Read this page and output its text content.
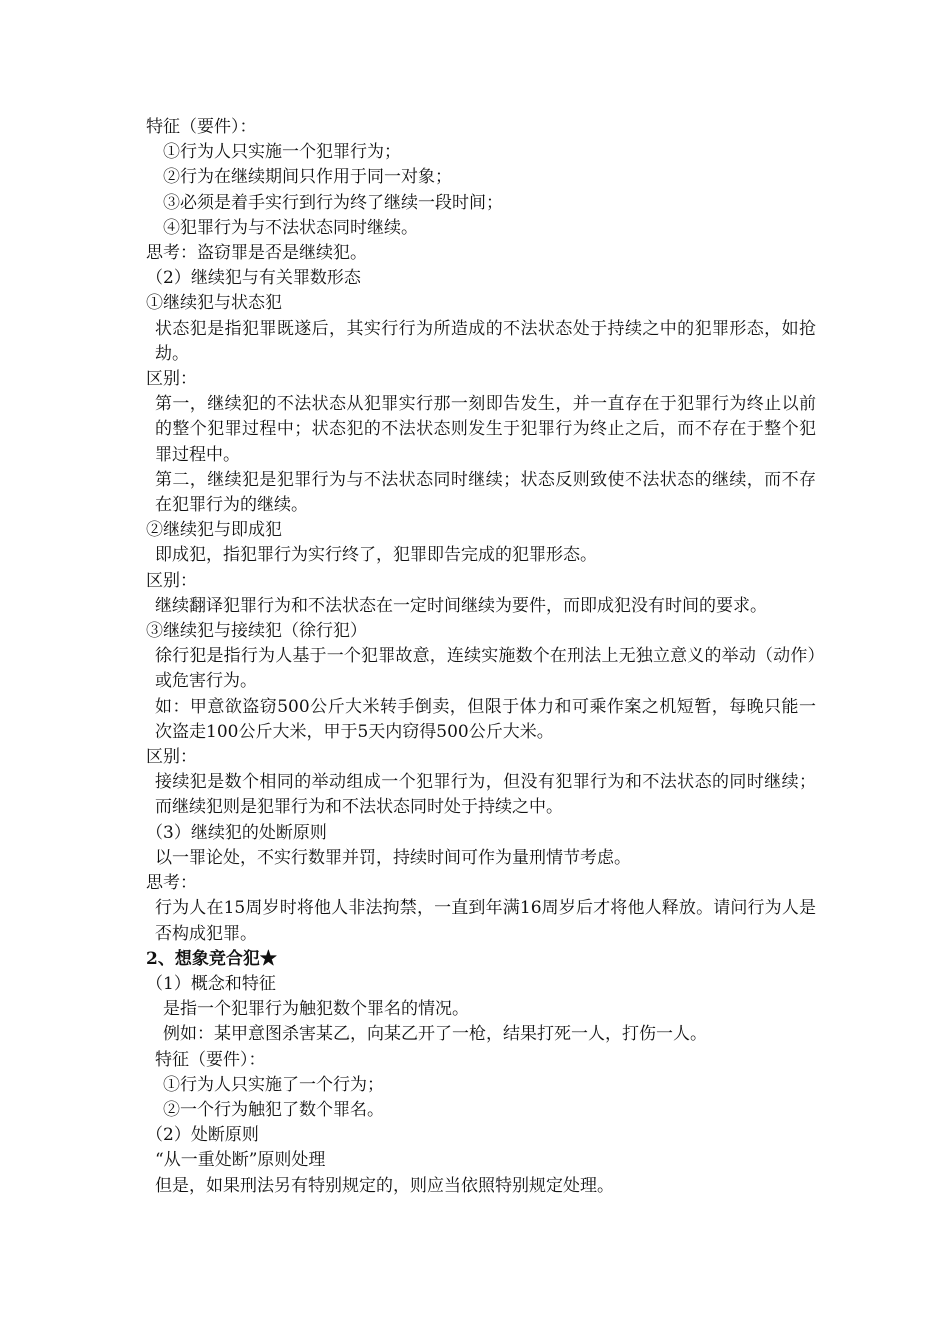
特征（要件）：
①行为人只实施一个犯罪行为；
②行为在继续期间只作用于同一对象；
③必须是着手实行到行为终了继续一段时间；
④犯罪行为与不法状态同时继续。
思考：盗窃罪是否是继续犯。
（2）继续犯与有关罪数形态
①继续犯与状态犯
状态犯是指犯罪既遂后，其实行行为所造成的不法状态处于持续之中的犯罪形态，如抢劫。
区别：
第一，继续犯的不法状态从犯罪实行那一刻即告发生，并一直存在于犯罪行为终止以前的整个犯罪过程中；状态犯的不法状态则发生于犯罪行为终止之后，而不存在于整个犯罪过程中。
第二，继续犯是犯罪行为与不法状态同时继续；状态反则致使不法状态的继续，而不存在犯罪行为的继续。
②继续犯与即成犯
即成犯，指犯罪行为实行终了，犯罪即告完成的犯罪形态。
区别：
继续翻译犯罪行为和不法状态在一定时间继续为要件，而即成犯没有时间的要求。
③继续犯与接续犯（徐行犯）
徐行犯是指行为人基于一个犯罪故意，连续实施数个在刑法上无独立意义的举动（动作）或危害行为。
如：甲意欲盗窃500公斤大米转手倒卖，但限于体力和可乘作案之机短暂，每晚只能一次盗走100公斤大米，甲于5天内窃得500公斤大米。
区别：
接续犯是数个相同的举动组成一个犯罪行为，但没有犯罪行为和不法状态的同时继续；而继续犯则是犯罪行为和不法状态同时处于持续之中。
（3）继续犯的处断原则
以一罪论处，不实行数罪并罚，持续时间可作为量刑情节考虑。
思考：
行为人在15周岁时将他人非法拘禁，一直到年满16周岁后才将他人释放。请问行为人是否构成犯罪。
2、想象竞合犯★
（1）概念和特征
是指一个犯罪行为触犯数个罪名的情况。
例如：某甲意图杀害某乙，向某乙开了一枪，结果打死一人，打伤一人。
特征（要件）：
①行为人只实施了一个行为；
②一个行为触犯了数个罪名。
（2）处断原则
“从一重处断”原则处理
但是，如果刑法另有特别规定的，则应当依照特别规定处理。
